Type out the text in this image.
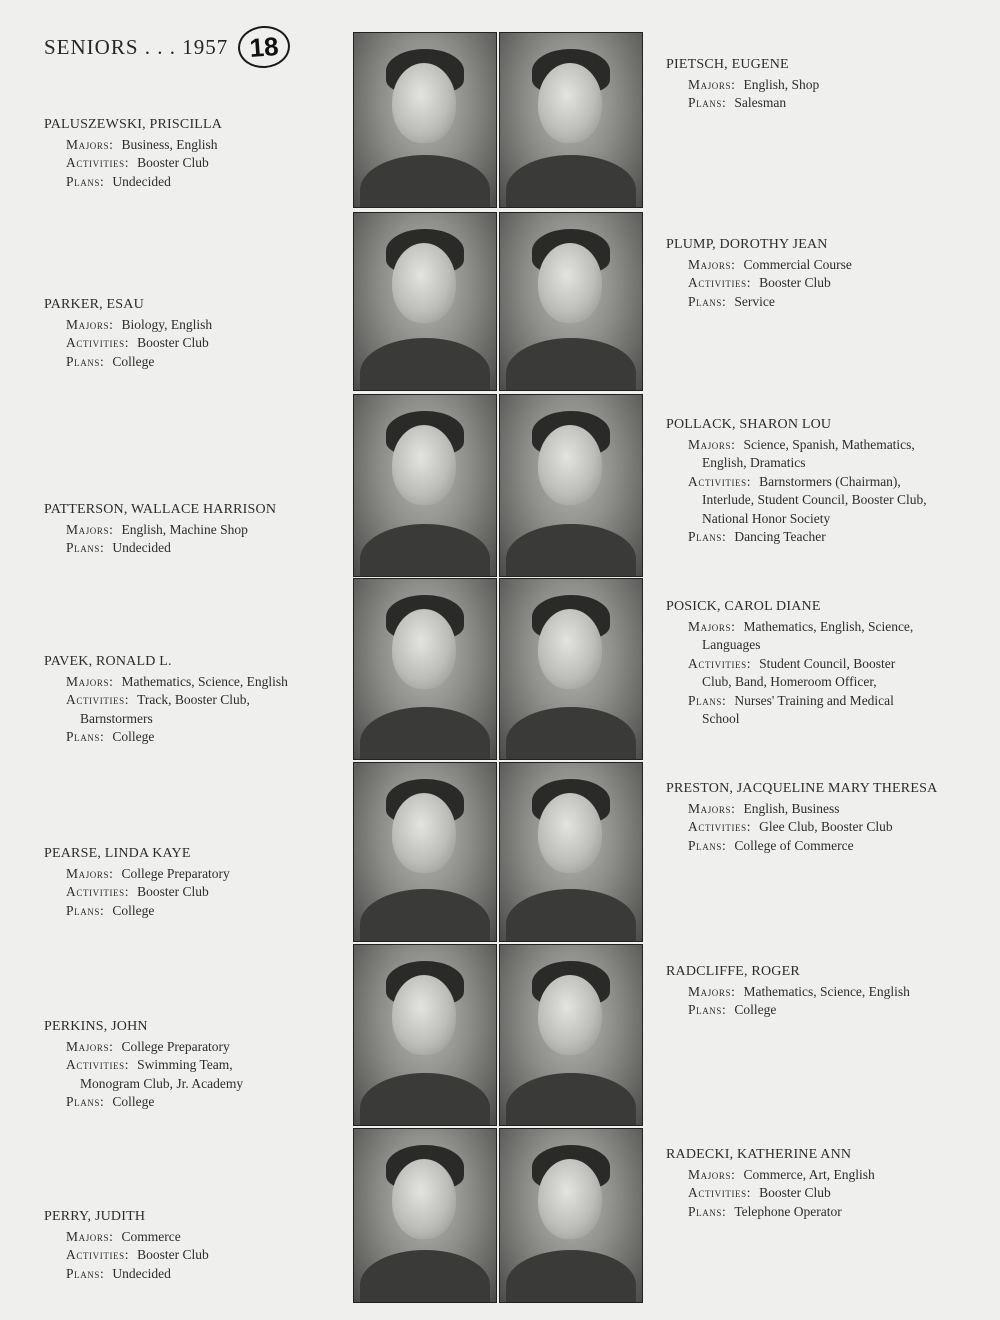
SENIORS . . . 1957 18
PALUSZEWSKI, PRISCILLA
Majors: Business, English
Activities: Booster Club
Plans: Undecided
PARKER, ESAU
Majors: Biology, English
Activities: Booster Club
Plans: College
PATTERSON, WALLACE HARRISON
Majors: English, Machine Shop
Plans: Undecided
PAVEK, RONALD L.
Majors: Mathematics, Science, English
Activities: Track, Booster Club,
Barnstormers
Plans: College
PEARSE, LINDA KAYE
Majors: College Preparatory
Activities: Booster Club
Plans: College
PERKINS, JOHN
Majors: College Preparatory
Activities: Swimming Team,
Monogram Club, Jr. Academy
Plans: College
PERRY, JUDITH
Majors: Commerce
Activities: Booster Club
Plans: Undecided
PIETSCH, EUGENE
Majors: English, Shop
Plans: Salesman
PLUMP, DOROTHY JEAN
Majors: Commercial Course
Activities: Booster Club
Plans: Service
POLLACK, SHARON LOU
Majors: Science, Spanish, Mathematics,
English, Dramatics
Activities: Barnstormers (Chairman),
Interlude, Student Council, Booster Club,
National Honor Society
Plans: Dancing Teacher
POSICK, CAROL DIANE
Majors: Mathematics, English, Science,
Languages
Activities: Student Council, Booster
Club, Band, Homeroom Officer,
Plans: Nurses' Training and Medical
School
PRESTON, JACQUELINE MARY THERESA
Majors: English, Business
Activities: Glee Club, Booster Club
Plans: College of Commerce
RADCLIFFE, ROGER
Majors: Mathematics, Science, English
Plans: College
RADECKI, KATHERINE ANN
Majors: Commerce, Art, English
Activities: Booster Club
Plans: Telephone Operator
